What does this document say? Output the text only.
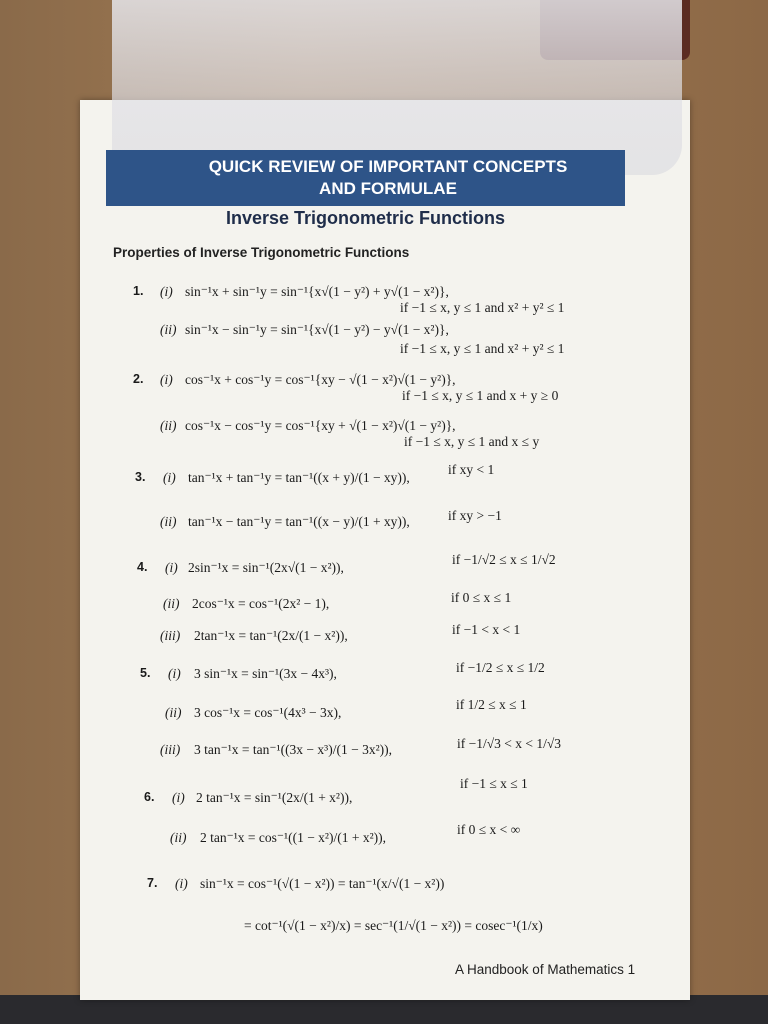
QUICK REVIEW OF IMPORTANT CONCEPTS
AND FORMULAE
Inverse Trigonometric Functions
Properties of Inverse Trigonometric Functions
1. (i) sin⁻¹x + sin⁻¹y = sin⁻¹{x√(1 − y²) + y√(1 − x²)},
if −1 ≤ x, y ≤ 1 and x² + y² ≤ 1
(ii) sin⁻¹x − sin⁻¹y = sin⁻¹{x√(1 − y²) − y√(1 − x²)},
if −1 ≤ x, y ≤ 1 and x² + y² ≤ 1
2. (i) cos⁻¹x + cos⁻¹y = cos⁻¹{xy − √(1 − x²)√(1 − y²)},
if −1 ≤ x, y ≤ 1 and x + y ≥ 0
(ii) cos⁻¹x − cos⁻¹y = cos⁻¹{xy + √(1 − x²)√(1 − y²)},
if −1 ≤ x, y ≤ 1 and x ≤ y
3. (i) tan⁻¹x + tan⁻¹y = tan⁻¹((x + y)/(1 − xy)),
if xy < 1
(ii) tan⁻¹x − tan⁻¹y = tan⁻¹((x − y)/(1 + xy)),	if xy > −1
4. (i) 2sin⁻¹x = sin⁻¹(2x√(1 − x²)),
if −1/√2 ≤ x ≤ 1/√2
(ii) 2cos⁻¹x = cos⁻¹(2x² − 1),	if 0 ≤ x ≤ 1
(iii) 2tan⁻¹x = tan⁻¹(2x/(1 − x²)),	if −1 < x < 1
5. (i) 3 sin⁻¹x = sin⁻¹(3x − 4x³),	if −1/2 ≤ x ≤ 1/2
(ii) 3 cos⁻¹x = cos⁻¹(4x³ − 3x),
if 1/2 ≤ x ≤ 1
(iii) 3 tan⁻¹x = tan⁻¹((3x − x³)/(1 − 3x²)),	if −1/√3 < x < 1/√3
6. (i) 2 tan⁻¹x = sin⁻¹(2x/(1 + x²)),
if −1 ≤ x ≤ 1
(ii) 2 tan⁻¹x = cos⁻¹((1 − x²)/(1 + x²)),
if 0 ≤ x < ∞
7. (i) sin⁻¹x = cos⁻¹(√(1 − x²)) = tan⁻¹(x/√(1 − x²))
= cot⁻¹(√(1 − x²)/x) = sec⁻¹(1/√(1 − x²)) = cosec⁻¹(1/x)
A Handbook of Mathematics 1
